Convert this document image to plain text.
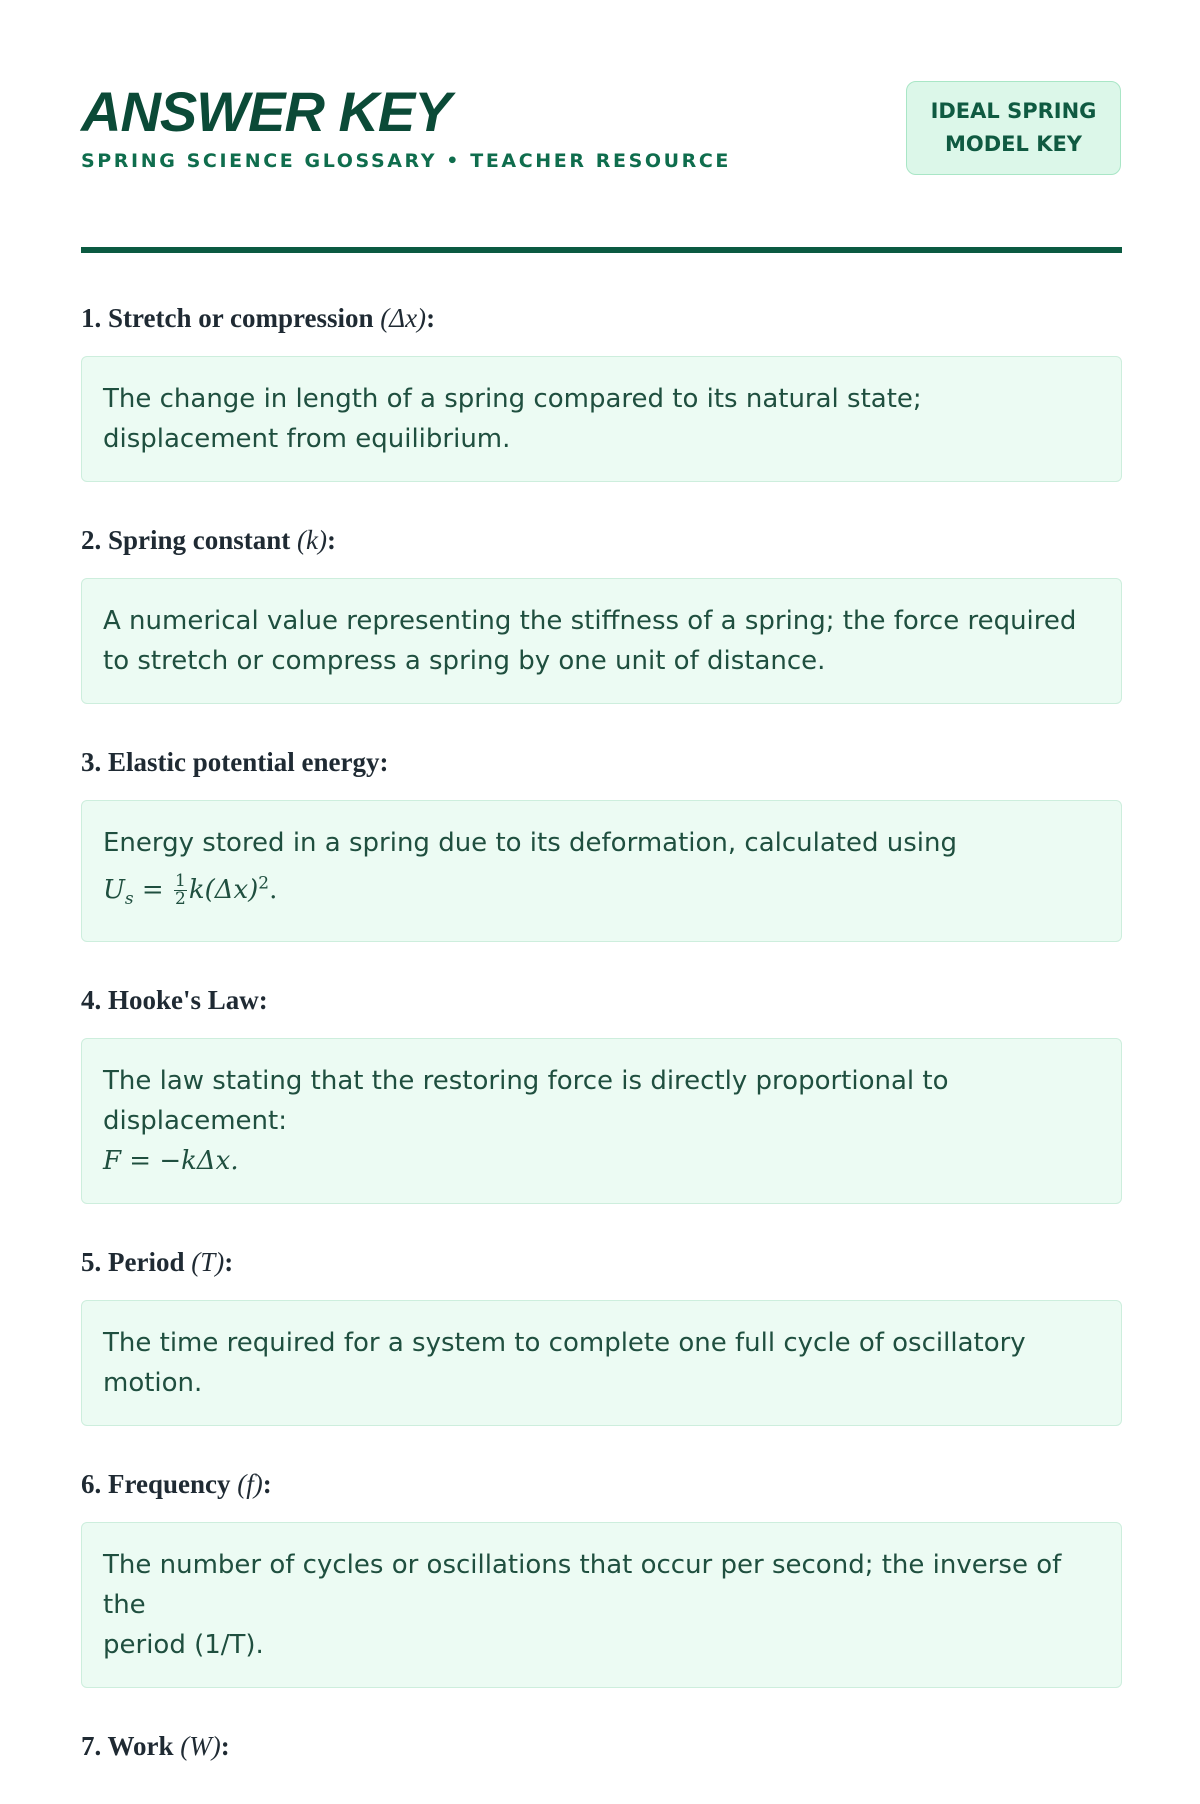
ANSWER KEY
SPRING SCIENCE GLOSSARY • TEACHER RESOURCE
IDEAL SPRING
MODEL KEY
1. Stretch or compression (Δx):
The change in length of a spring compared to its natural state; displacement from equilibrium.
2. Spring constant (k):
A numerical value representing the stiffness of a spring; the force required to stretch or compress a spring by one unit of distance.
3. Elastic potential energy:
Energy stored in a spring due to its deformation, calculated using
$U_s = \frac{1}{2} k(\Delta x)^2$.
4. Hooke's Law:
The law stating that the restoring force is directly proportional to displacement:
F = −kΔx.
5. Period (T):
The time required for a system to complete one full cycle of oscillatory motion.
6. Frequency (f):
The number of cycles or oscillations that occur per second; the inverse of the
period (1/T).
7. Work (W):
